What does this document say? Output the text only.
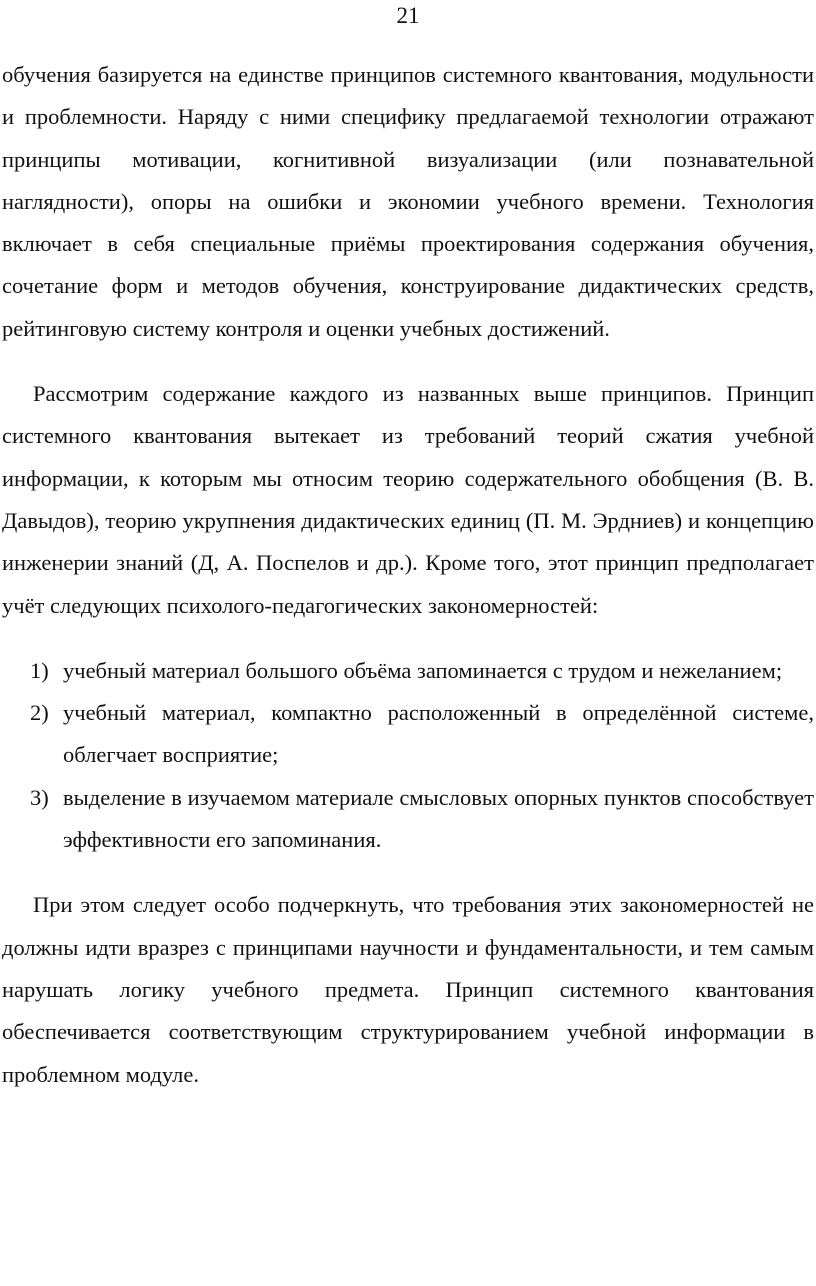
21

обучения базируется на единстве принципов системного квантования, модульности и проблемности. Наряду с ними специфику предлагаемой технологии отражают принципы мотивации, когнитивной визуализации (или познавательной наглядности), опоры на ошибки и экономии учебного времени. Технология включает в себя специальные приёмы проектирования содержания обучения, сочетание форм и методов обучения, конструирование дидактических средств, рейтинговую систему контроля и оценки учебных достижений.

Рассмотрим содержание каждого из названных выше принципов. Принцип системного квантования вытекает из требований теорий сжатия учебной информации, к которым мы относим теорию содержательного обобщения (В. В. Давыдов), теорию укрупнения дидактических единиц (П. М. Эрдниев) и концепцию инженерии знаний (Д, А. Поспелов и др.). Кроме того, этот принцип предполагает учёт следующих психолого-педагогических закономерностей:

1) учебный материал большого объёма запоминается с трудом и нежеланием;
2) учебный материал, компактно расположенный в определённой системе, облегчает восприятие;
3) выделение в изучаемом материале смысловых опорных пунктов способствует эффективности его запоминания.

При этом следует особо подчеркнуть, что требования этих закономерностей не должны идти вразрез с принципами научности и фундаментальности, и тем самым нарушать логику учебного предмета. Принцип системного квантования обеспечивается соответствующим структурированием учебной информации в проблемном модуле.
